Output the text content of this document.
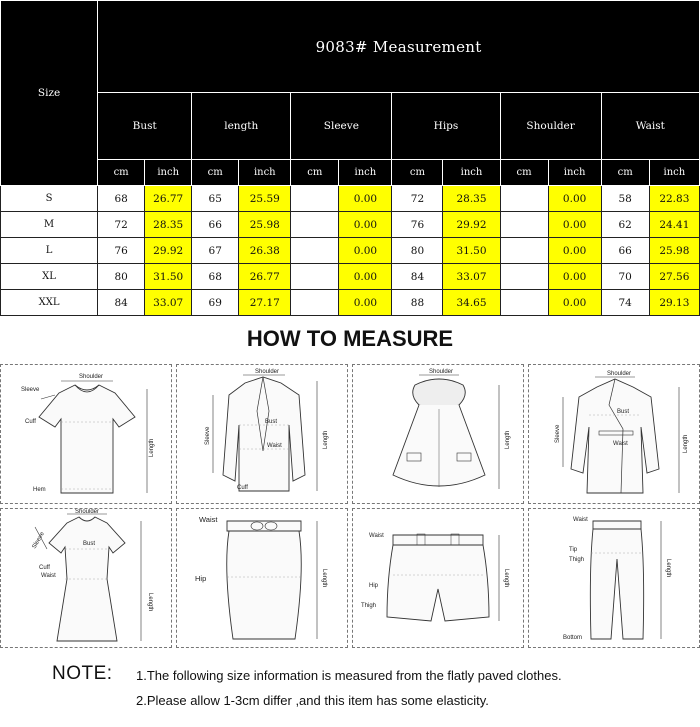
Size	9083# Measurement											
	Bust		length		Sleeve		Hips		Shoulder		Waist	
	cm	inch	cm	inch	cm	inch	cm	inch	cm	inch	cm	inch
S	68	26.77	65	25.59		0.00	72	28.35		0.00	58	22.83
M	72	28.35	66	25.98		0.00	76	29.92		0.00	62	24.41
L	76	29.92	67	26.38		0.00	80	31.50		0.00	66	25.98
XL	80	31.50	68	26.77		0.00	84	33.07		0.00	70	27.56
XXL	84	33.07	69	27.17		0.00	88	34.65		0.00	74	29.13
HOW TO MEASURE
Shoulder
Sleeve
Cuff
Hem
Length
Shoulder
Bust
Waist
Cuff
Sleeve	Length
Shoulder
Length
Shoulder
Bust
Waist
Sleeve
Length
Shoulder
Bust
Cuff
Waist
Sleeve
Length
Waist
Hip	Length
Waist
Hip
Thigh
Length
Waist
Tip
Thigh
Bottom
Length
NOTE: 1.The following size information is measured from the flatly paved clothes.
2.Please allow 1-3cm differ ,and this item has some elasticity.
